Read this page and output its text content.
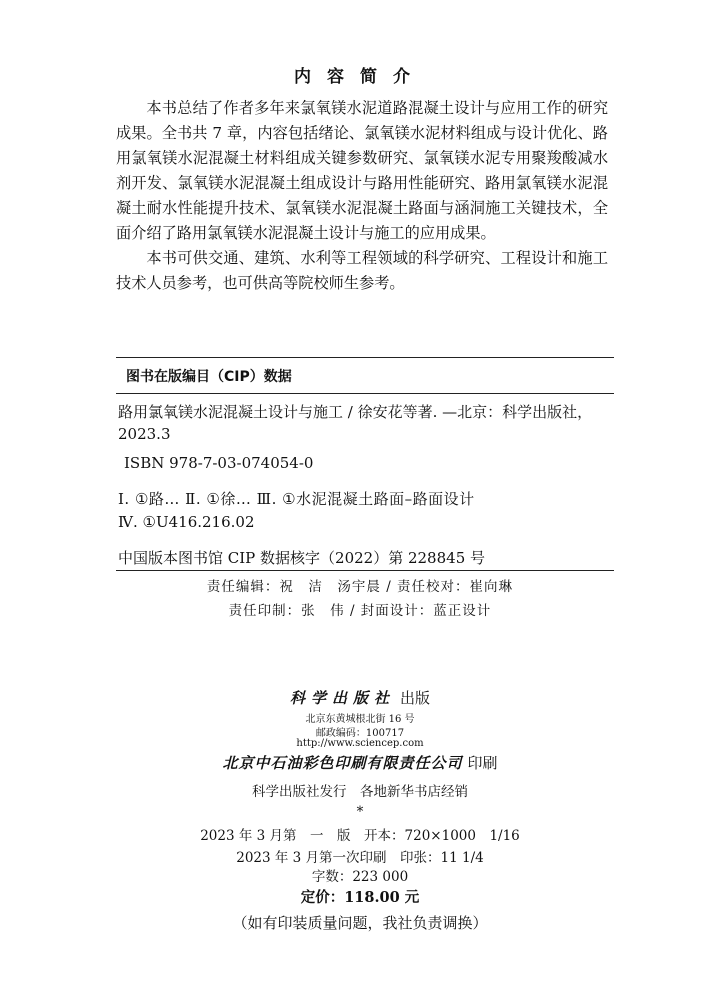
内容简介

本书总结了作者多年来氯氧镁水泥道路混凝土设计与应用工作的研究成果。全书共 7 章，内容包括绪论、氯氧镁水泥材料组成与设计优化、路用氯氧镁水泥混凝土材料组成关键参数研究、氯氧镁水泥专用聚羧酸减水剂开发、氯氧镁水泥混凝土组成设计与路用性能研究、路用氯氧镁水泥混凝土耐水性能提升技术、氯氧镁水泥混凝土路面与涵洞施工关键技术，全面介绍了路用氯氧镁水泥混凝土设计与施工的应用成果。

本书可供交通、建筑、水利等工程领域的科学研究、工程设计和施工技术人员参考，也可供高等院校师生参考。

图书在版编目（CIP）数据
路用氯氧镁水泥混凝土设计与施工 / 徐安花等著. —北京：科学出版社，2023.3
ISBN 978-7-03-074054-0
Ⅰ. ①路… Ⅱ. ①徐… Ⅲ. ①水泥混凝土路面–路面设计
Ⅳ. ①U416.216.02
中国版本图书馆 CIP 数据核字（2022）第 228845 号
责任编辑：祝　洁　汤宇晨 / 责任校对：崔向琳
责任印制：张　伟 / 封面设计：蓝正设计
科学出版社 出版
北京东黄城根北街 16 号
邮政编码：100717
http://www.sciencep.com
北京中石油彩色印刷有限责任公司 印刷
科学出版社发行　各地新华书店经销
*
2023 年 3 月第　一　版　开本：720×1000　1/16
2023 年 3 月第一次印刷　印张：11 1/4
字数：223 000
定价：118.00 元
（如有印装质量问题，我社负责调换）
